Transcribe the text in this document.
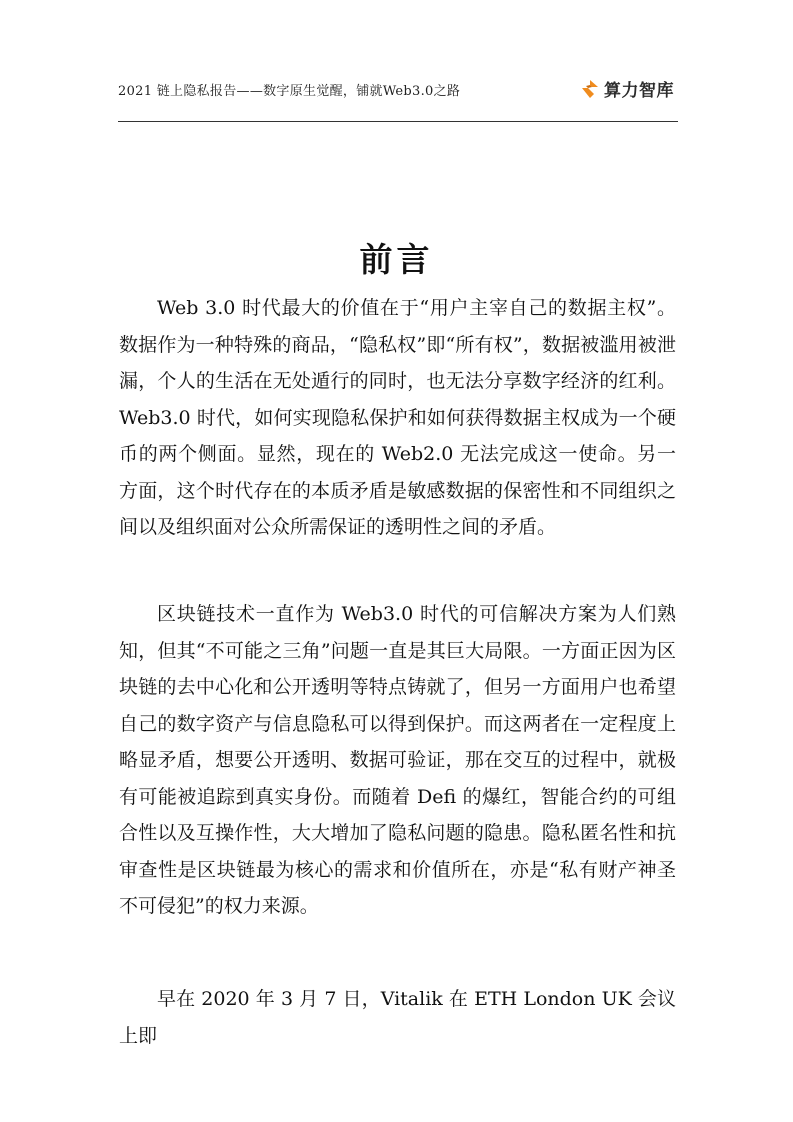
2021 链上隐私报告——数字原生觉醒，铺就Web3.0之路	算力智库
前言

Web 3.0 时代最大的价值在于“用户主宰自己的数据主权”。数据作为一种特殊的商品，“隐私权”即“所有权”，数据被滥用被泄漏，个人的生活在无处遁行的同时，也无法分享数字经济的红利。Web3.0 时代，如何实现隐私保护和如何获得数据主权成为一个硬币的两个侧面。显然，现在的 Web2.0 无法完成这一使命。另一方面，这个时代存在的本质矛盾是敏感数据的保密性和不同组织之间以及组织面对公众所需保证的透明性之间的矛盾。

区块链技术一直作为 Web3.0 时代的可信解决方案为人们熟知，但其“不可能之三角”问题一直是其巨大局限。一方面正因为区块链的去中心化和公开透明等特点铸就了，但另一方面用户也希望自己的数字资产与信息隐私可以得到保护。而这两者在一定程度上略显矛盾，想要公开透明、数据可验证，那在交互的过程中，就极有可能被追踪到真实身份。而随着 Defi 的爆红，智能合约的可组合性以及互操作性，大大增加了隐私问题的隐患。隐私匿名性和抗审查性是区块链最为核心的需求和价值所在，亦是“私有财产神圣不可侵犯”的权力来源。

早在 2020 年 3 月 7 日，Vitalik 在 ETH London UK 会议上即
